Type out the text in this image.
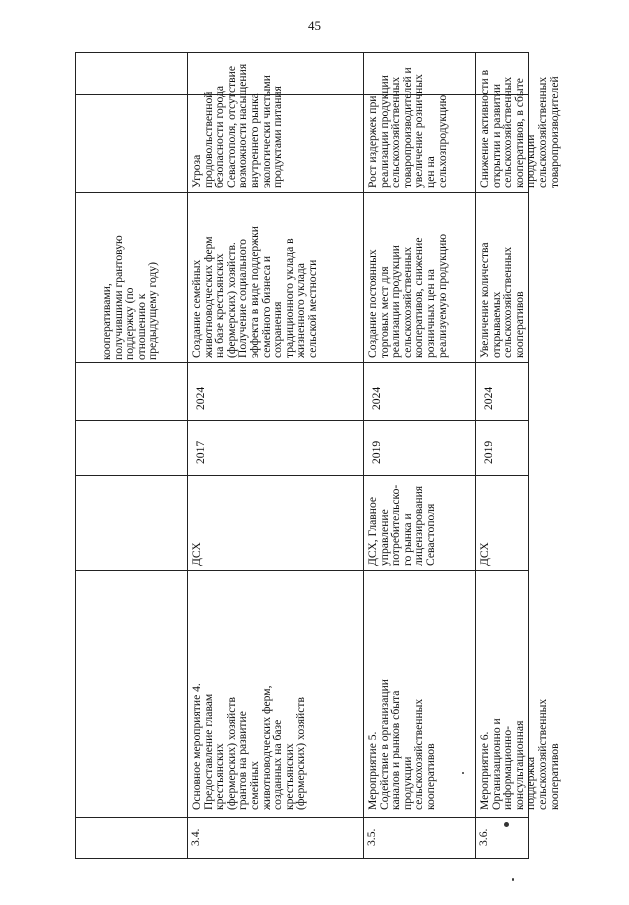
45
кооперативами,
получившими грантовую
поддержку (по
отношению к
предыдущему году)
3.4.
Основное мероприятие 4.
Предоставление главам
крестьянских
(фермерских) хозяйств
грантов на развитие
семейных
животноводческих ферм,
созданных на базе
крестьянских
(фермерских) хозяйств
ДСХ
2017
2024
Создание семейных
животноводческих ферм
на базе крестьянских
(фермерских) хозяйств.
Получение социального
эффекта в виде поддержки
семейного бизнеса и
сохранения
традиционного уклада в
жизненного уклада
сельской местности
Угроза
продовольственной
безопасности города
Севастополя, отсутствие
возможности насыщения
внутреннего рынка
экологически чистыми
продуктами питания
3.5.
Мероприятие 5.
Содействие в организации
каналов и рынков сбыта
продукции
сельскохозяйственных
кооперативов
ДСХ, Главное
управление
потребительско-
го рынка и
лицензирования
Севастополя
2019
2024
Создание постоянных
торговых мест для
реализации продукции
сельскохозяйственных
кооперативов, снижение
розничных цен на
реализуемую продукцию
Рост издержек при
реализации продукции
сельскохозяйственных
товаропроизводителей и
увеличение розничных
цен на
сельхозпродукцию
3.6.
Мероприятие 6.
Организационно и
информационно-
консультационная
поддержка
сельскохозяйственных
кооперативов
ДСХ
2019
2024
Увеличение количества
открываемых
сельскохозяйственных
кооперативов
Снижение активности в
открытии и развитии
сельскохозяйственных
кооперативов, в сбыте
продукции
сельскохозяйственных
товаропроизводителей
